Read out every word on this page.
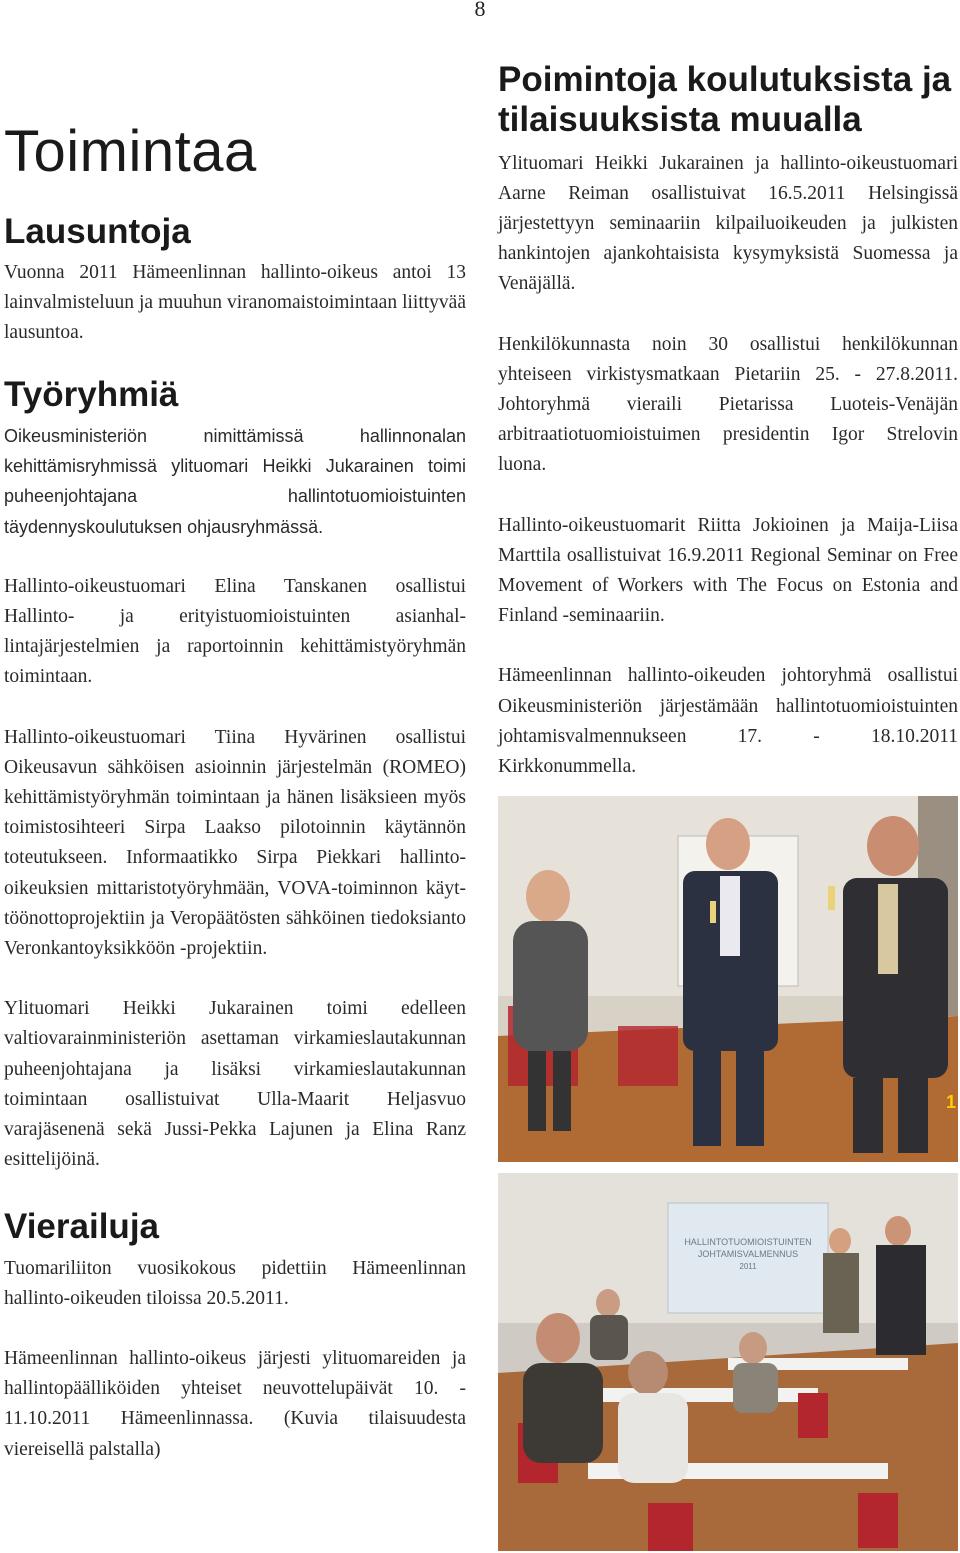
8
Toimintaa
Lausuntoja

Vuonna 2011 Hämeenlinnan hallinto-oikeus antoi 13 lainvalmisteluun ja muuhun viranomaistoimintaan liittyvää lausuntoa.

Työryhmiä

Oikeusministeriön nimittämissä hallinnonalan kehittämisryhmissä ylituomari Heikki Jukarainen toimi puheenjohtajana hallintotuomioistuinten täydennyskoulutuksen ohjausryhmässä.

Hallinto-oikeustuomari Elina Tanskanen osallistui Hallinto- ja erityistuomioistuinten asianhallintajärjestelmien ja raportoinnin kehittämistyöryhmän toimintaan.

Hallinto-oikeustuomari Tiina Hyvärinen osallistui Oikeusavun sähköisen asioinnin järjestelmän (ROMEO) kehittämistyöryhmän toimintaan ja hänen lisäksieen myös toimistosihteeri Sirpa Laakso pilotoinnin käytännön toteutukseen. Informaatikko Sirpa Piekkari hallinto-oikeuksien mittaristotyöryhmään, VOVA-toiminnon käyttöönottoprojektiin ja Veropäätösten sähköinen tiedoksianto Veronkantoyksikköön -projektiin.

Ylituomari Heikki Jukarainen toimi edelleen valtiovarainministeriön asettaman virkamieslautakunnan puheenjohtajana ja lisäksi virkamieslautakunnan toimintaan osallistuivat Ulla-Maarit Heljasvuo varajäsenenä sekä Jussi-Pekka Lajunen ja Elina Ranz esittelijöinä.

Vierailuja

Tuomariliiton vuosikokous pidettiin Hämeenlinnan hallinto-oikeuden tiloissa 20.5.2011.

Hämeenlinnan hallinto-oikeus järjesti ylituomareiden ja hallintopäälliköiden yhteiset neuvottelupäivät 10. - 11.10.2011 Hämeenlinnassa. (Kuvia tilaisuudesta viereisellä palstalla)

Poimintoja koulutuksista ja tilaisuuksista muualla

Ylituomari Heikki Jukarainen ja hallinto-oikeustuomari Aarne Reiman osallistuivat 16.5.2011 Helsingissä järjestettyyn seminaariin kilpailuoikeuden ja julkisten hankintojen ajankohtaisista kysymyksistä Suomessa ja Venäjällä.

Henkilökunnasta noin 30 osallistui henkilökunnan yhteiseen virkistysmatkaan Pietariin 25. - 27.8.2011. Johtoryhmä vieraili Pietarissa Luoteis-Venäjän arbitraatiotuomioistuimen presidentin Igor Strelovin luona.

Hallinto-oikeustuomarit Riitta Jokioinen ja Maija-Liisa Marttila osallistuivat 16.9.2011 Regional Seminar on Free Movement of Workers with The Focus on Estonia and Finland -seminaariin.

Hämeenlinnan hallinto-oikeuden johtoryhmä osallistui Oikeusministeriön järjestämään hallintotuomioistuinten johtamisvalmennukseen 17. - 18.10.2011 Kirkkonummella.

1
HALLINTOTUOMIOISTUINTEN
JOHTAMISVALMENNUS
2011
